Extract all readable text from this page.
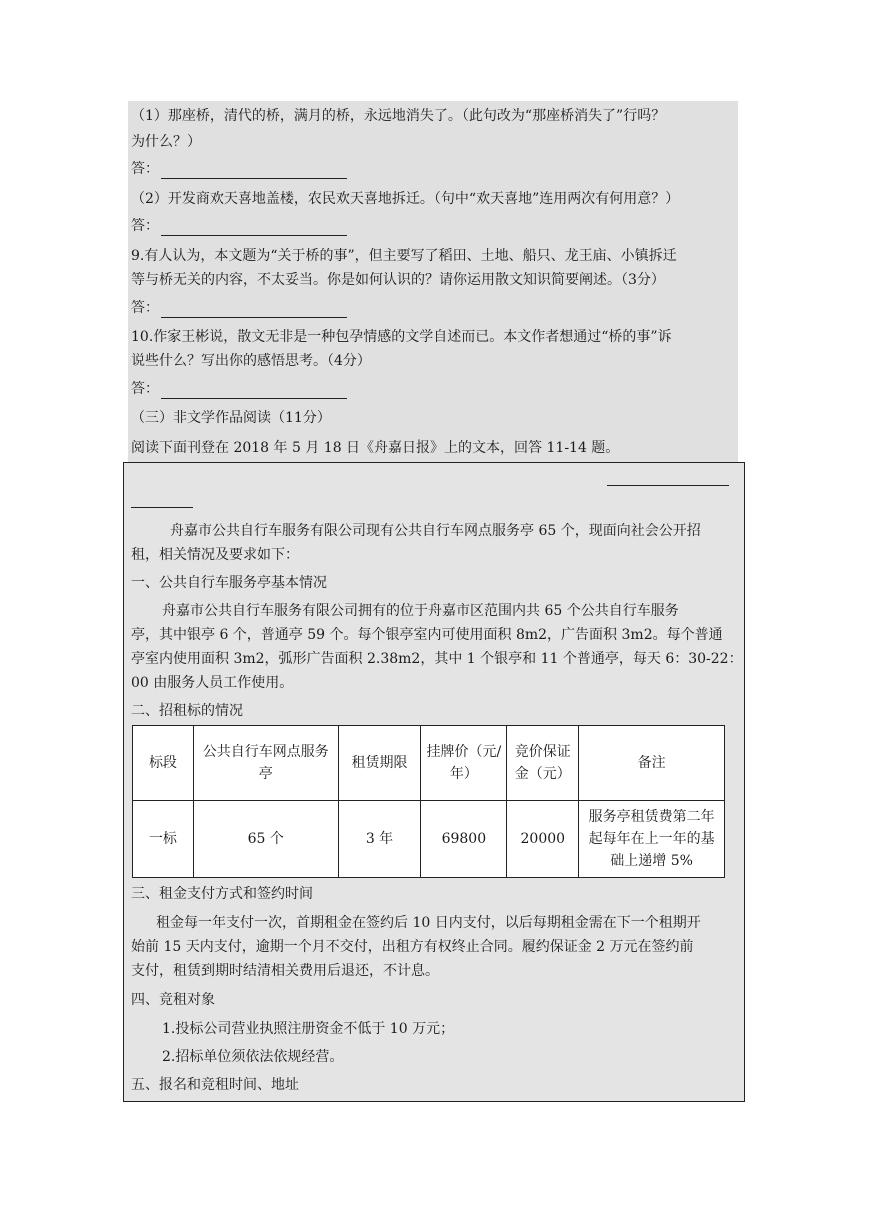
（1）那座桥，清代的桥，满月的桥，永远地消失了。（此句改为“那座桥消失了”行吗？
为什么？）
答：
（2）开发商欢天喜地盖楼，农民欢天喜地拆迁。（句中“欢天喜地”连用两次有何用意？）
答：
9.有人认为，本文题为“关于桥的事”，但主要写了稻田、土地、船只、龙王庙、小镇拆迁
等与桥无关的内容，不太妥当。你是如何认识的？请你运用散文知识简要阐述。（3分）
答：
10.作家王彬说，散文无非是一种包孕情感的文学自述而已。本文作者想通过“桥的事”诉
说些什么？写出你的感悟思考。（4分）
答：
（三）非文学作品阅读（11分）
阅读下面刊登在 2018 年 5 月 18 日《舟嘉日报》上的文本，回答 11-14 题。
舟嘉市公共自行车服务有限公司现有公共自行车网点服务亭 65 个，现面向社会公开招
租，相关情况及要求如下：
一、公共自行车服务亭基本情况
舟嘉市公共自行车服务有限公司拥有的位于舟嘉市区范围内共 65 个公共自行车服务
亭，其中银亭 6 个，普通亭 59 个。每个银亭室内可使用面积 8m2，广告面积 3m2。每个普通
亭室内使用面积 3m2，弧形广告面积 2.38m2，其中 1 个银亭和 11 个普通亭，每天 6：30-22：
00 由服务人员工作使用。
二、招租标的情况
标段	公共自行车网点服务亭	租赁期限	挂牌价（元/年）	竞价保证金（元）	备注
一标	65 个	3 年	69800	20000	服务亭租赁费第二年起每年在上一年的基础上递增 5%
三、租金支付方式和签约时间
租金每一年支付一次，首期租金在签约后 10 日内支付，以后每期租金需在下一个租期开
始前 15 天内支付，逾期一个月不交付，出租方有权终止合同。履约保证金 2 万元在签约前
支付，租赁到期时结清相关费用后退还，不计息。
四、竞租对象
1.投标公司营业执照注册资金不低于 10 万元；
2.招标单位须依法依规经营。
五、报名和竞租时间、地址
